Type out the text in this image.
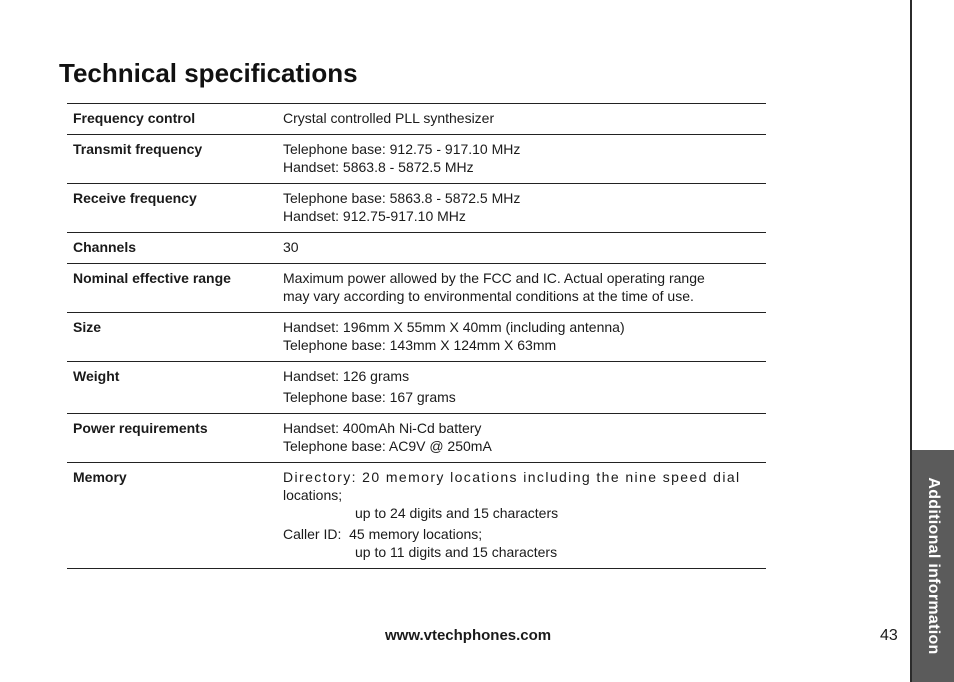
Additional information
Technical specifications
Frequency control	Crystal controlled PLL synthesizer

Transmit frequency	Telephone base: 912.75 - 917.10 MHz
Handset: 5863.8 - 5872.5 MHz

Receive frequency	Telephone base: 5863.8 - 5872.5 MHz
Handset: 912.75-917.10 MHz

Channels	30

Nominal effective range	Maximum power allowed by the FCC and IC. Actual operating range
may vary according to environmental conditions at the time of use.

Size	Handset: 196mm X 55mm X 40mm (including antenna)
Telephone base: 143mm X 124mm X 63mm

Weight	Handset: 126 grams
Telephone base: 167 grams

Power requirements	Handset: 400mAh Ni-Cd battery
Telephone base: AC9V @ 250mA

Memory	Directory: 20 memory locations including the nine speed dial
locations;
up to 24 digits and 15 characters
Caller ID:  45 memory locations;
up to 11 digits and 15 characters
www.vtechphones.com	43
